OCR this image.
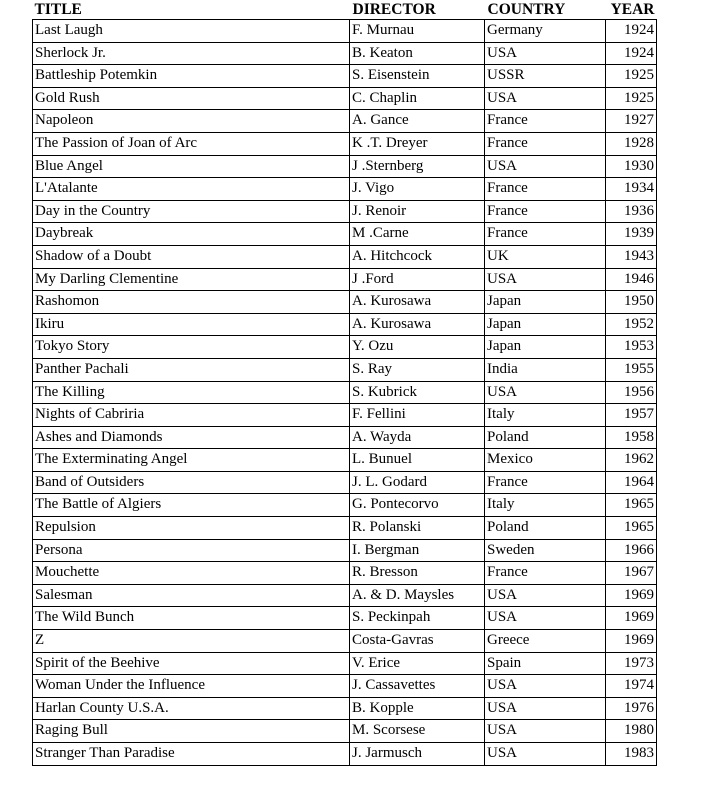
TITLE	DIRECTOR	COUNTRY	YEAR
Last Laugh	F. Murnau	Germany	1924
Sherlock Jr.	B. Keaton	USA	1924
Battleship Potemkin	S. Eisenstein	USSR	1925
Gold Rush	C. Chaplin	USA	1925
Napoleon	A. Gance	France	1927
The Passion of Joan of Arc	K .T. Dreyer	France	1928
Blue Angel	J .Sternberg	USA	1930
L'Atalante	J. Vigo	France	1934
Day in the Country	J. Renoir	France	1936
Daybreak	M .Carne	France	1939
Shadow of a Doubt	A. Hitchcock	UK	1943
My Darling Clementine	J .Ford	USA	1946
Rashomon	A. Kurosawa	Japan	1950
Ikiru	A. Kurosawa	Japan	1952
Tokyo Story	Y. Ozu	Japan	1953
Panther Pachali	S. Ray	India	1955
The Killing	S. Kubrick	USA	1956
Nights of Cabriria	F. Fellini	Italy	1957
Ashes and Diamonds	A. Wayda	Poland	1958
The Exterminating Angel	L. Bunuel	Mexico	1962
Band of Outsiders	J. L. Godard	France	1964
The Battle of Algiers	G. Pontecorvo	Italy	1965
Repulsion	R. Polanski	Poland	1965
Persona	I. Bergman	Sweden	1966
Mouchette	R. Bresson	France	1967
Salesman	A. & D. Maysles	USA	1969
The Wild Bunch	S. Peckinpah	USA	1969
Z	Costa-Gavras	Greece	1969
Spirit of the Beehive	V. Erice	Spain	1973
Woman Under the Influence	J. Cassavettes	USA	1974
Harlan County U.S.A.	B. Kopple	USA	1976
Raging Bull	M. Scorsese	USA	1980
Stranger Than Paradise	J. Jarmusch	USA	1983
